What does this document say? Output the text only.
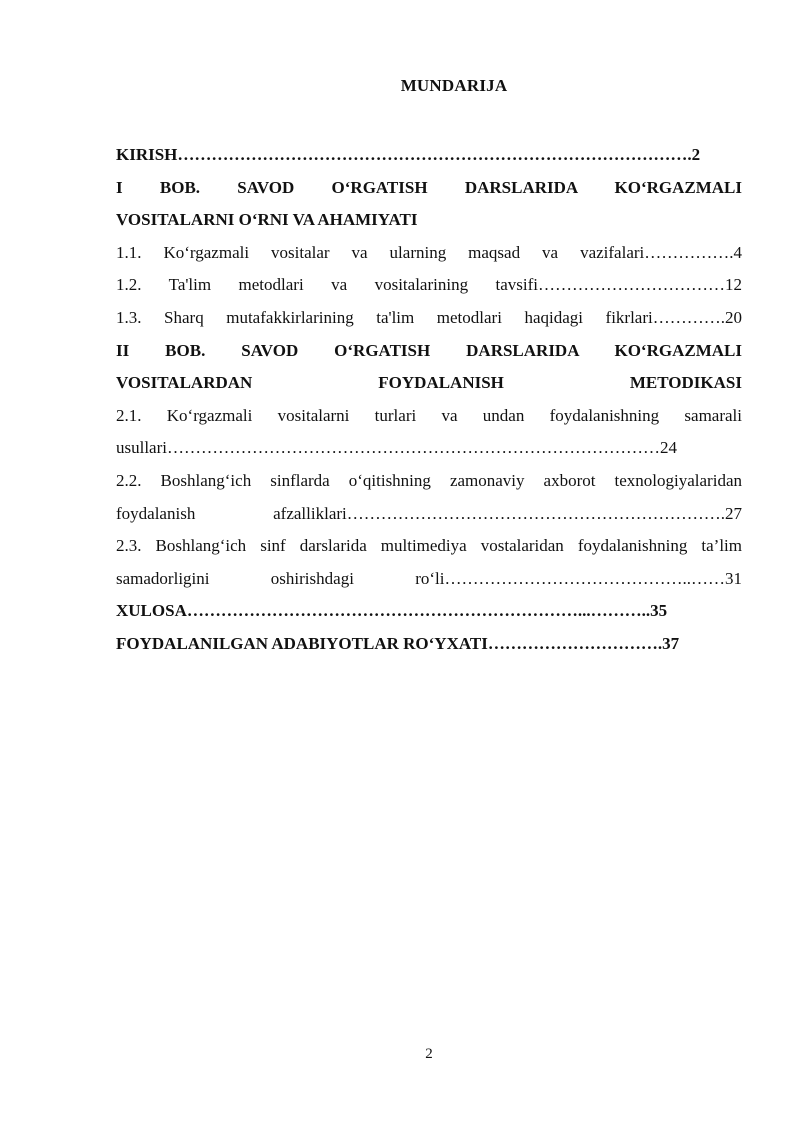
MUNDARIJA
KIRISH……………………………………………………………………………….2
I BOB. SAVOD O‘RGATISH DARSLARIDA KO‘RGAZMALI
VOSITALARNI O‘RNI VA AHAMIYATI
1.1. Ko‘rgazmali vositalar va ularning maqsad va vazifalari…………….4
1.2. Ta'lim metodlari va vositalarining tavsifi……………………………12
1.3. Sharq mutafakkirlarining ta'lim metodlari haqidagi fikrlari………….20
II BOB. SAVOD O‘RGATISH DARSLARIDA KO‘RGAZMALI
VOSITALARDAN FOYDALANISH METODIKASI
2.1. Ko‘rgazmali vositalarni turlari va undan foydalanishning samarali
usullari……………………………………………………………………………24
2.2. Boshlang‘ich sinflarda o‘qitishning zamonaviy axborot texnologiyalaridan
foydalanish afzalliklari………………………………………………………….27
2.3. Boshlang‘ich sinf darslarida multimediya vostalaridan foydalanishning ta’lim
samadorligini oshirishdagi ro‘li……………………………………..……31
XULOSA……………………………………………………………...………..35
FOYDALANILGAN ADABIYOTLAR RO‘YXATI………………………….37
2
